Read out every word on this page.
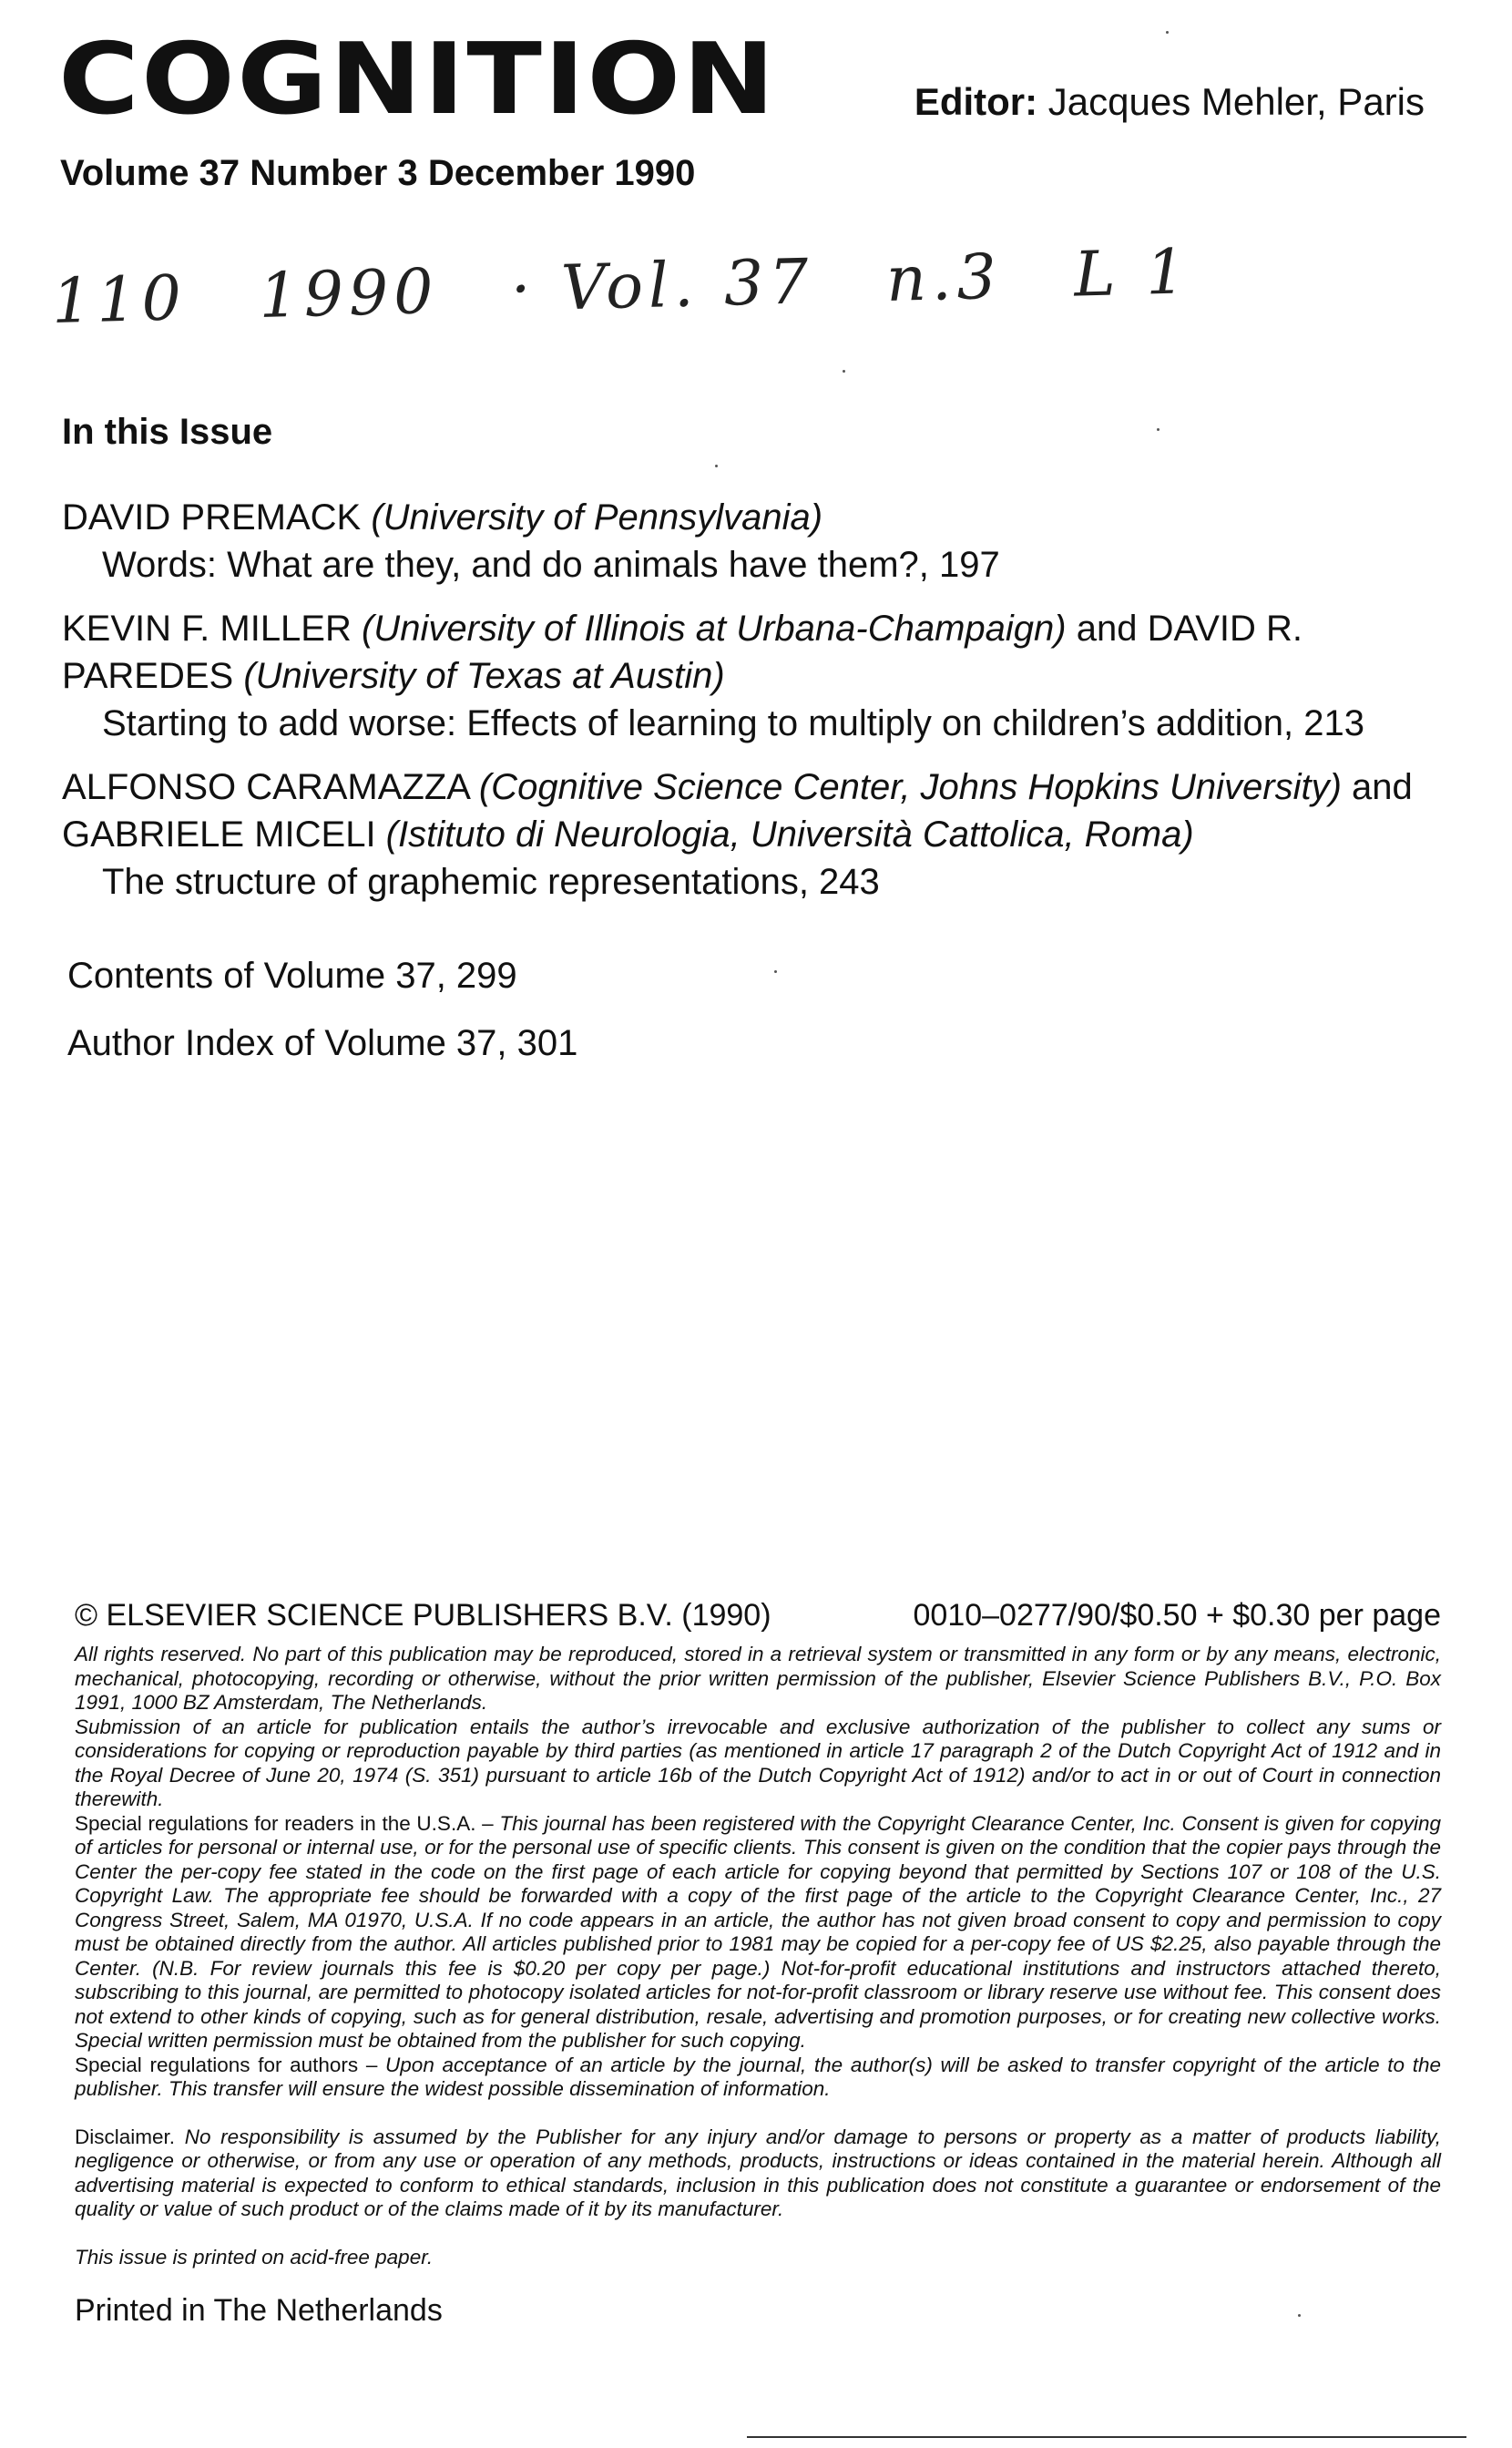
COGNITION	Editor: Jacques Mehler, Paris
Volume 37 Number 3 December 1990
110 1990 · Vol. 37 n.3 L 1
In this Issue
DAVID PREMACK (University of Pennsylvania)
Words: What are they, and do animals have them?, 197
KEVIN F. MILLER (University of Illinois at Urbana-Champaign) and DAVID R. PAREDES (University of Texas at Austin)
Starting to add worse: Effects of learning to multiply on children’s addition, 213
ALFONSO CARAMAZZA (Cognitive Science Center, Johns Hopkins University) and GABRIELE MICELI (Istituto di Neurologia, Università Cattolica, Roma)
The structure of graphemic representations, 243
Contents of Volume 37, 299
Author Index of Volume 37, 301
© ELSEVIER SCIENCE PUBLISHERS B.V. (1990)	0010–0277/90/$0.50 + $0.30 per page

All rights reserved. No part of this publication may be reproduced, stored in a retrieval system or transmitted in any form or by any means, electronic, mechanical, photocopying, recording or otherwise, without the prior written permission of the publisher, Elsevier Science Publishers B.V., P.O. Box 1991, 1000 BZ Amsterdam, The Netherlands.

Submission of an article for publication entails the author’s irrevocable and exclusive authorization of the publisher to collect any sums or considerations for copying or reproduction payable by third parties (as mentioned in article 17 paragraph 2 of the Dutch Copyright Act of 1912 and in the Royal Decree of June 20, 1974 (S. 351) pursuant to article 16b of the Dutch Copyright Act of 1912) and/or to act in or out of Court in connection therewith.

Special regulations for readers in the U.S.A. – This journal has been registered with the Copyright Clearance Center, Inc. Consent is given for copying of articles for personal or internal use, or for the personal use of specific clients. This consent is given on the condition that the copier pays through the Center the per-copy fee stated in the code on the first page of each article for copying beyond that permitted by Sections 107 or 108 of the U.S. Copyright Law. The appropriate fee should be forwarded with a copy of the first page of the article to the Copyright Clearance Center, Inc., 27 Congress Street, Salem, MA 01970, U.S.A. If no code appears in an article, the author has not given broad consent to copy and permission to copy must be obtained directly from the author. All articles published prior to 1981 may be copied for a per-copy fee of US $2.25, also payable through the Center. (N.B. For review journals this fee is $0.20 per copy per page.) Not-for-profit educational institutions and instructors attached thereto, subscribing to this journal, are permitted to photocopy isolated articles for not-for-profit classroom or library reserve use without fee. This consent does not extend to other kinds of copying, such as for general distribution, resale, advertising and promotion purposes, or for creating new collective works. Special written permission must be obtained from the publisher for such copying.

Special regulations for authors – Upon acceptance of an article by the journal, the author(s) will be asked to transfer copyright of the article to the publisher. This transfer will ensure the widest possible dissemination of information.

Disclaimer. No responsibility is assumed by the Publisher for any injury and/or damage to persons or property as a matter of products liability, negligence or otherwise, or from any use or operation of any methods, products, instructions or ideas contained in the material herein. Although all advertising material is expected to conform to ethical standards, inclusion in this publication does not constitute a guarantee or endorsement of the quality or value of such product or of the claims made of it by its manufacturer.

This issue is printed on acid-free paper.

Printed in The Netherlands
